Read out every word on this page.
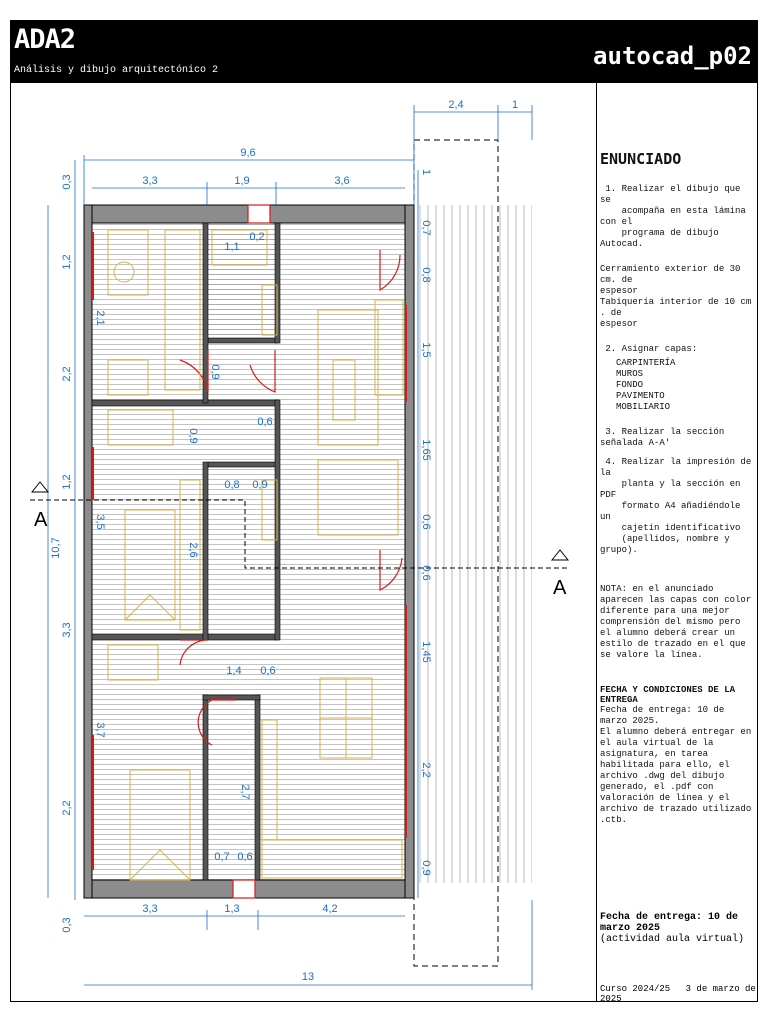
ADA2
Análisis y dibujo arquitectónico 2
autocad_p02
A
A
9,6
3,3	1,9	3,6
2,4	1
3,3	1,3	4,2
13
0,3
1,2
2,2
1,2
3,3
2,2
0,3
10,7
1
0,7
0,8
1,5
1,65
0,6
0,6
1,45
2,2
0,9
2,1
1,1
0,2
0,9
0,9
0,6
0,8 0,9
3,5
2,6
1,4 0,6
3,7
2,7
0,7 0,6
ENUNCIADO
1. Realizar el dibujo que se
acompaña en esta lámina con el
programa de dibujo Autocad.
Cerramiento exterior de 30 cm. de
espesor
Tabiquería interior de 10 cm . de
espesor
2. Asignar capas:
CARPINTERÍA
MUROS
FONDO
PAVIMENTO
MOBILIARIO
3. Realizar la sección señalada A-A'
4. Realizar la impresión de la
planta y la sección en PDF
formato A4 añadiéndole un
cajetín identificativo
(apellidos, nombre y grupo).
NOTA: en el anunciado aparecen las capas con color diferente para una mejor comprensión del mismo pero el alumno deberá crear un estilo de trazado en el que se valore la línea.
FECHA Y CONDICIONES DE LA ENTREGA
Fecha de entrega: 10 de marzo 2025.
El alumno deberá entregar en el aula virtual de la asignatura, en tarea habilitada para ello, el archivo .dwg del dibujo generado, el .pdf con valoración de línea y el archivo de trazado utilizado .ctb.
Fecha de entrega: 10 de marzo 2025
(actividad aula virtual)
Curso 2024/25 3 de marzo de 2025
